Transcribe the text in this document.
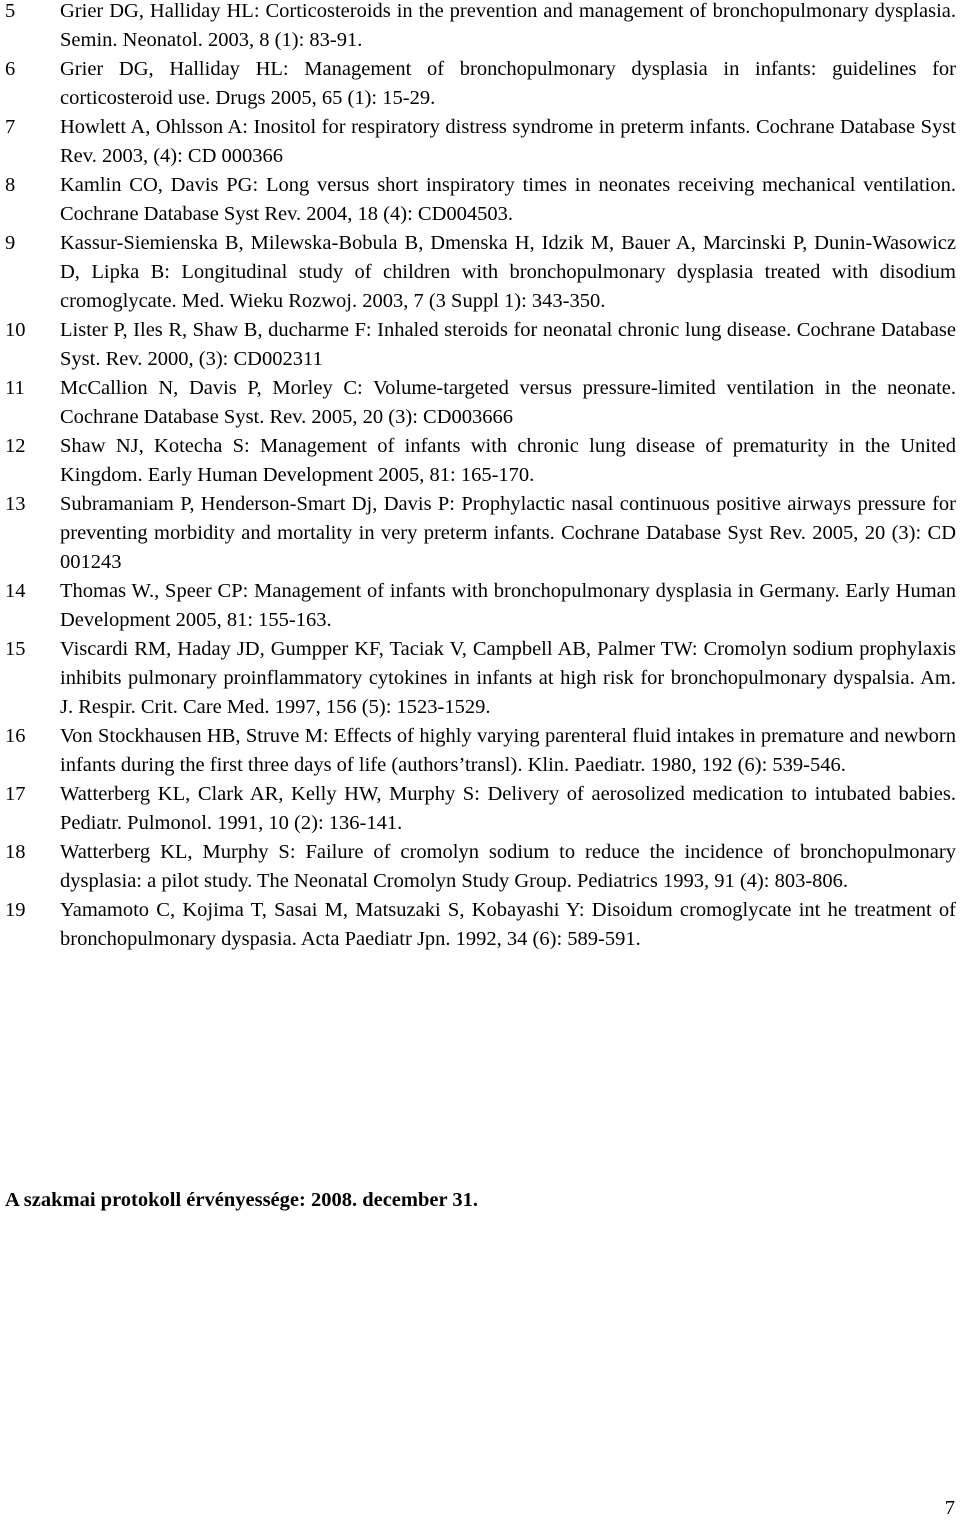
5	Grier DG, Halliday HL: Corticosteroids in the prevention and management of bronchopulmonary dysplasia. Semin. Neonatol. 2003, 8 (1): 83-91.
6	Grier DG, Halliday HL: Management of bronchopulmonary dysplasia in infants: guidelines for corticosteroid use. Drugs 2005, 65 (1): 15-29.
7	Howlett A, Ohlsson A: Inositol for respiratory distress syndrome in preterm infants. Cochrane Database Syst Rev. 2003, (4): CD 000366
8	Kamlin CO, Davis PG: Long versus short inspiratory times in neonates receiving mechanical ventilation. Cochrane Database Syst Rev. 2004, 18 (4): CD004503.
9	Kassur-Siemienska B, Milewska-Bobula B, Dmenska H, Idzik M, Bauer A, Marcinski P, Dunin-Wasowicz D, Lipka B: Longitudinal study of children with bronchopulmonary dysplasia treated with disodium cromoglycate. Med. Wieku Rozwoj. 2003, 7 (3 Suppl 1): 343-350.
10	Lister P, Iles R, Shaw B, ducharme F: Inhaled steroids for neonatal chronic lung disease. Cochrane Database Syst. Rev. 2000, (3): CD002311
11	McCallion N, Davis P, Morley C: Volume-targeted versus pressure-limited ventilation in the neonate. Cochrane Database Syst. Rev. 2005, 20 (3): CD003666
12	Shaw NJ, Kotecha S: Management of infants with chronic lung disease of prematurity in the United Kingdom. Early Human Development 2005, 81: 165-170.
13	Subramaniam P, Henderson-Smart Dj, Davis P: Prophylactic nasal continuous positive airways pressure for preventing morbidity and mortality in very preterm infants. Cochrane Database Syst Rev. 2005, 20 (3): CD 001243
14	Thomas W., Speer CP: Management of infants with bronchopulmonary dysplasia in Germany. Early Human Development 2005, 81: 155-163.
15	Viscardi RM, Haday JD, Gumpper KF, Taciak V, Campbell AB, Palmer TW: Cromolyn sodium prophylaxis inhibits pulmonary proinflammatory cytokines in infants at high risk for bronchopulmonary dyspalsia. Am. J. Respir. Crit. Care Med. 1997, 156 (5): 1523-1529.
16	Von Stockhausen HB, Struve M: Effects of highly varying parenteral fluid intakes in premature and newborn infants during the first three days of life (authors’transl). Klin. Paediatr. 1980, 192 (6): 539-546.
17	Watterberg KL, Clark AR, Kelly HW, Murphy S: Delivery of aerosolized medication to intubated babies. Pediatr. Pulmonol. 1991, 10 (2): 136-141.
18	Watterberg KL, Murphy S: Failure of cromolyn sodium to reduce the incidence of bronchopulmonary dysplasia: a pilot study. The Neonatal Cromolyn Study Group. Pediatrics 1993, 91 (4): 803-806.
19	Yamamoto C, Kojima T, Sasai M, Matsuzaki S, Kobayashi Y: Disoidum cromoglycate int he treatment of bronchopulmonary dyspasia. Acta Paediatr Jpn. 1992, 34 (6): 589-591.

A szakmai protokoll érvényessége: 2008. december 31.

7
